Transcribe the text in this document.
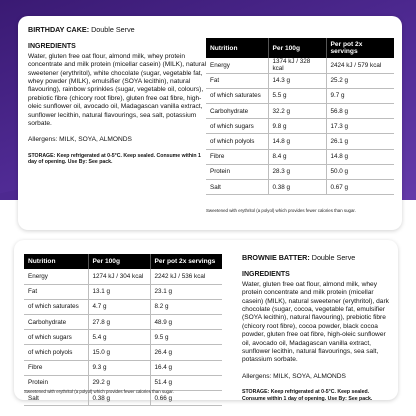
BIRTHDAY CAKE: Double Serve
INGREDIENTS
Water, gluten free oat flour, almond milk, whey protein concentrate and milk protein (micellar casein) (MILK), natural sweetener (erythritol), white chocolate (sugar, vegetable fat, whey powder (MILK), emulsifier (SOYA lecithin), natural flavouring), rainbow sprinkles (sugar, vegetable oil, colours), prebiotic fibre (chicory root fibre), gluten free oat fibre, high-oleic sunflower oil, avocado oil, Madagascan vanilla extract, sunflower lecithin, natural flavourings, sea salt, potassium sorbate.
Allergens: MILK, SOYA, ALMONDS
STORAGE: Keep refrigerated at 0-5°C. Keep sealed. Consume within 1 day of opening. Use By: See pack.
Nutrition	Per 100g	Per pot 2x servings
Energy	1374 kJ / 328 kcal	2424 kJ / 579 kcal
Fat	14.3 g	25.2 g
of which saturates	5.5 g	9.7 g
Carbohydrate	32.2 g	56.8 g
of which sugars	9.8 g	17.3 g
of which polyols	14.8 g	26.1 g
Fibre	8.4 g	14.8 g
Protein	28.3 g	50.0 g
Salt	0.38 g	0.67 g
Sweetened with erythritol (a polyol) which provides fewer calories than sugar.
Nutrition	Per 100g	Per pot 2x servings
Energy	1274 kJ / 304 kcal	2242 kJ / 536 kcal
Fat	13.1 g	23.1 g
of which saturates	4.7 g	8.2 g
Carbohydrate	27.8 g	48.9 g
of which sugars	5.4 g	9.5 g
of which polyols	15.0 g	26.4 g
Fibre	9.3 g	16.4 g
Protein	29.2 g	51.4 g
Salt	0.38 g	0.66 g
Sweetened with erythritol (a polyol) which provides fewer calories than sugar.
BROWNIE BATTER: Double Serve
INGREDIENTS
Water, gluten free oat flour, almond milk, whey protein concentrate and milk protein (micellar casein) (MILK), natural sweetener (erythritol), dark chocolate (sugar, cocoa, vegetable fat, emulsifier (SOYA lecithin), natural flavouring), prebiotic fibre (chicory root fibre), cocoa powder, black cocoa powder, gluten free oat fibre, high-oleic sunflower oil, avocado oil, Madagascan vanilla extract, sunflower lecithin, natural flavourings, sea salt, potassium sorbate.
Allergens: MILK, SOYA, ALMONDS
STORAGE: Keep refrigerated at 0-5°C. Keep sealed. Consume within 1 day of opening. Use By: See pack.
